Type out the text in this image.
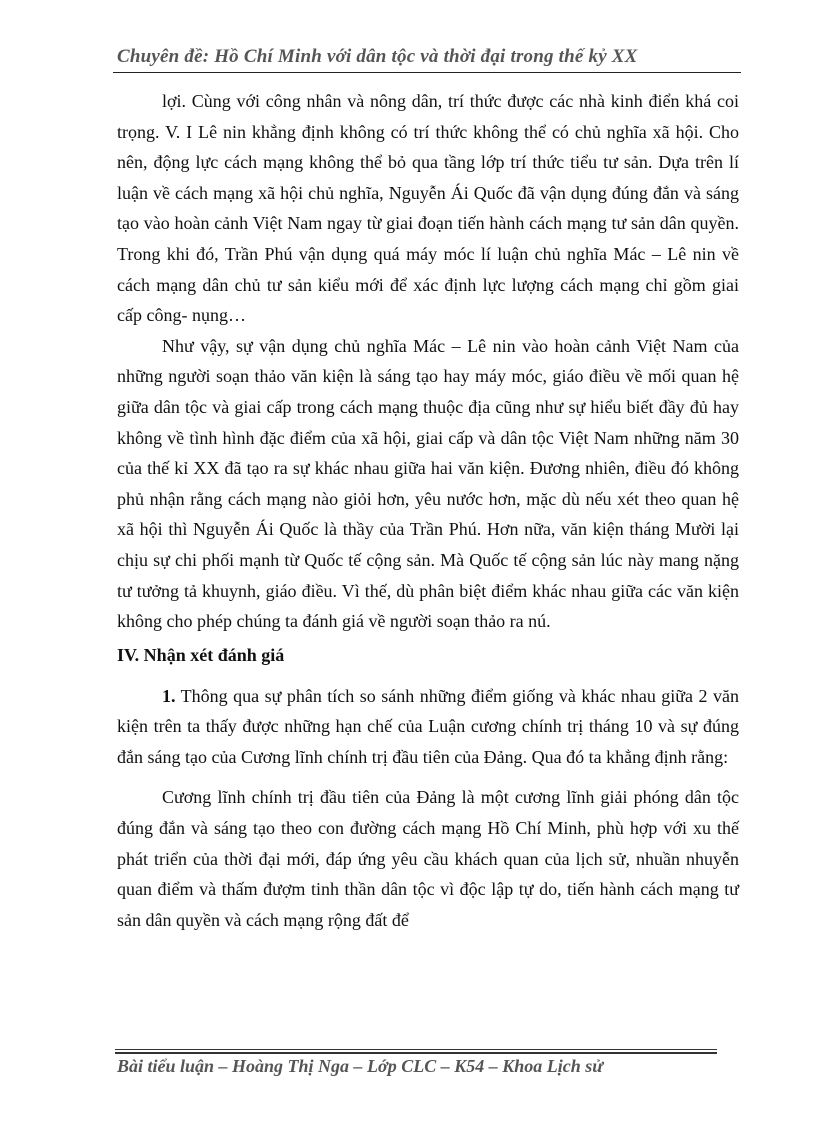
Chuyên đề: Hồ Chí Minh với dân tộc và thời đại trong thế kỷ XX

lợi. Cùng với công nhân và nông dân, trí thức được các nhà kinh điển khá coi trọng. V. I Lê nin khẳng định không có trí thức không thể có chủ nghĩa xã hội. Cho nên, động lực cách mạng không thể bỏ qua tầng lớp trí thức tiểu tư sản. Dựa trên lí luận về cách mạng xã hội chủ nghĩa, Nguyễn Ái Quốc đã vận dụng đúng đắn và sáng tạo vào hoàn cảnh Việt Nam ngay từ giai đoạn tiến hành cách mạng tư sản dân quyền. Trong khi đó, Trần Phú vận dụng quá máy móc lí luận chủ nghĩa Mác – Lê nin về cách mạng dân chủ tư sản kiểu mới để xác định lực lượng cách mạng chỉ gồm giai cấp công- nụng…

Như vậy, sự vận dụng chủ nghĩa Mác – Lê nin vào hoàn cảnh Việt Nam của những người soạn thảo văn kiện là sáng tạo hay máy móc, giáo điều về mối quan hệ giữa dân tộc và giai cấp trong cách mạng thuộc địa cũng như sự hiểu biết đầy đủ hay không về tình hình đặc điểm của xã hội, giai cấp và dân tộc Việt Nam những năm 30 của thế kỉ XX đã tạo ra sự khác nhau giữa hai văn kiện. Đương nhiên, điều đó không phủ nhận rằng cách mạng nào giỏi hơn, yêu nước hơn, mặc dù nếu xét theo quan hệ xã hội thì Nguyễn Ái Quốc là thầy của Trần Phú. Hơn nữa, văn kiện tháng Mười lại chịu sự chi phối mạnh từ Quốc tế cộng sản. Mà Quốc tế cộng sản lúc này mang nặng tư tưởng tả khuynh, giáo điều. Vì thế, dù phân biệt điểm khác nhau giữa các văn kiện không cho phép chúng ta đánh giá về người soạn thảo ra nú.

IV. Nhận xét đánh giá

1. Thông qua sự phân tích so sánh những điểm giống và khác nhau giữa 2 văn kiện trên ta thấy được những hạn chế của Luận cương chính trị tháng 10 và sự đúng đắn sáng tạo của Cương lĩnh chính trị đầu tiên của Đảng. Qua đó ta khẳng định rằng:

Cương lĩnh chính trị đầu tiên của Đảng là một cương lĩnh giải phóng dân tộc đúng đắn và sáng tạo theo con đường cách mạng Hồ Chí Minh, phù hợp với xu thế phát triển của thời đại mới, đáp ứng yêu cầu khách quan của lịch sử, nhuần nhuyễn quan điểm và thấm đượm tinh thần dân tộc vì độc lập tự do, tiến hành cách mạng tư sản dân quyền và cách mạng rộng đất để

Bài tiểu luận – Hoàng Thị Nga – Lớp CLC – K54 – Khoa Lịch sử
